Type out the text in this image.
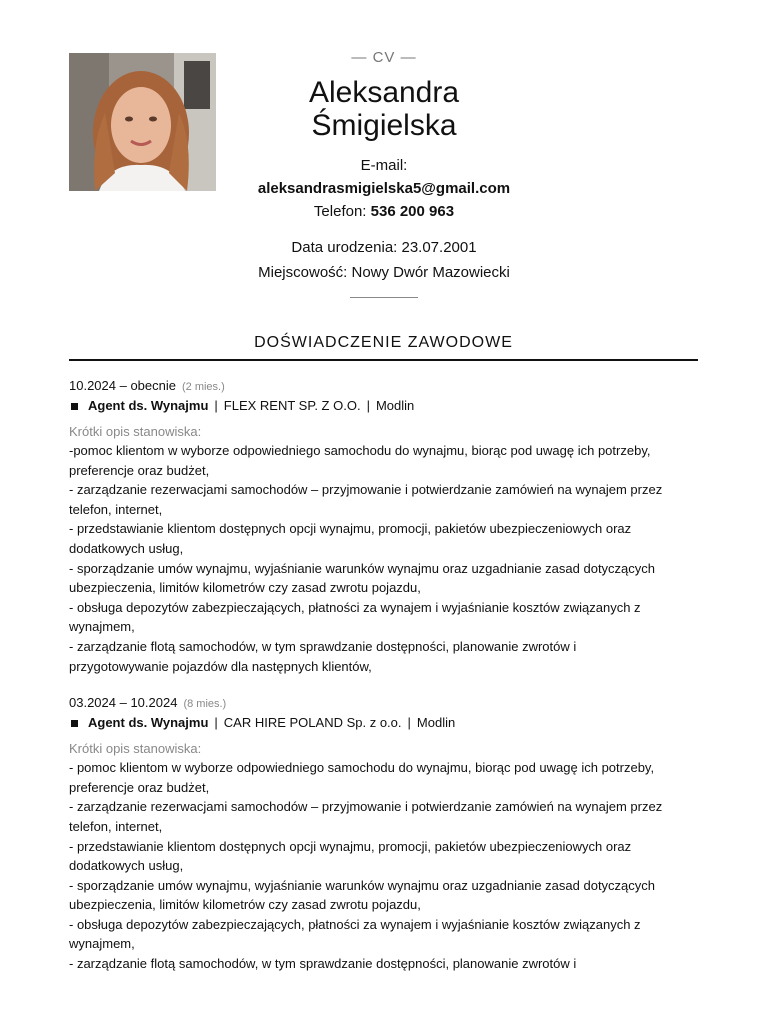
— CV —
Aleksandra
Śmigielska
E-mail:
aleksandrasmigielska5@gmail.com
Telefon: 536 200 963
Data urodzenia: 23.07.2001
Miejscowość: Nowy Dwór Mazowiecki
DOŚWIADCZENIE ZAWODOWE
10.2024 – obecnie (2 mies.)
Agent ds. Wynajmu | FLEX RENT SP. Z O.O. | Modlin
Krótki opis stanowiska:
-pomoc klientom w wyborze odpowiedniego samochodu do wynajmu, biorąc pod uwagę ich potrzeby,
preferencje oraz budżet,
- zarządzanie rezerwacjami samochodów – przyjmowanie i potwierdzanie zamówień na wynajem przez
telefon, internet,
- przedstawianie klientom dostępnych opcji wynajmu, promocji, pakietów ubezpieczeniowych oraz
dodatkowych usług,
- sporządzanie umów wynajmu, wyjaśnianie warunków wynajmu oraz uzgadnianie zasad dotyczących
ubezpieczenia, limitów kilometrów czy zasad zwrotu pojazdu,
- obsługa depozytów zabezpieczających, płatności za wynajem i wyjaśnianie kosztów związanych z
wynajmem,
- zarządzanie flotą samochodów, w tym sprawdzanie dostępności, planowanie zwrotów i
przygotowywanie pojazdów dla następnych klientów,
03.2024 – 10.2024 (8 mies.)
Agent ds. Wynajmu | CAR HIRE POLAND Sp. z o.o. | Modlin
Krótki opis stanowiska:
- pomoc klientom w wyborze odpowiedniego samochodu do wynajmu, biorąc pod uwagę ich potrzeby,
preferencje oraz budżet,
- zarządzanie rezerwacjami samochodów – przyjmowanie i potwierdzanie zamówień na wynajem przez
telefon, internet,
- przedstawianie klientom dostępnych opcji wynajmu, promocji, pakietów ubezpieczeniowych oraz
dodatkowych usług,
- sporządzanie umów wynajmu, wyjaśnianie warunków wynajmu oraz uzgadnianie zasad dotyczących
ubezpieczenia, limitów kilometrów czy zasad zwrotu pojazdu,
- obsługa depozytów zabezpieczających, płatności za wynajem i wyjaśnianie kosztów związanych z
wynajmem,
- zarządzanie flotą samochodów, w tym sprawdzanie dostępności, planowanie zwrotów i
